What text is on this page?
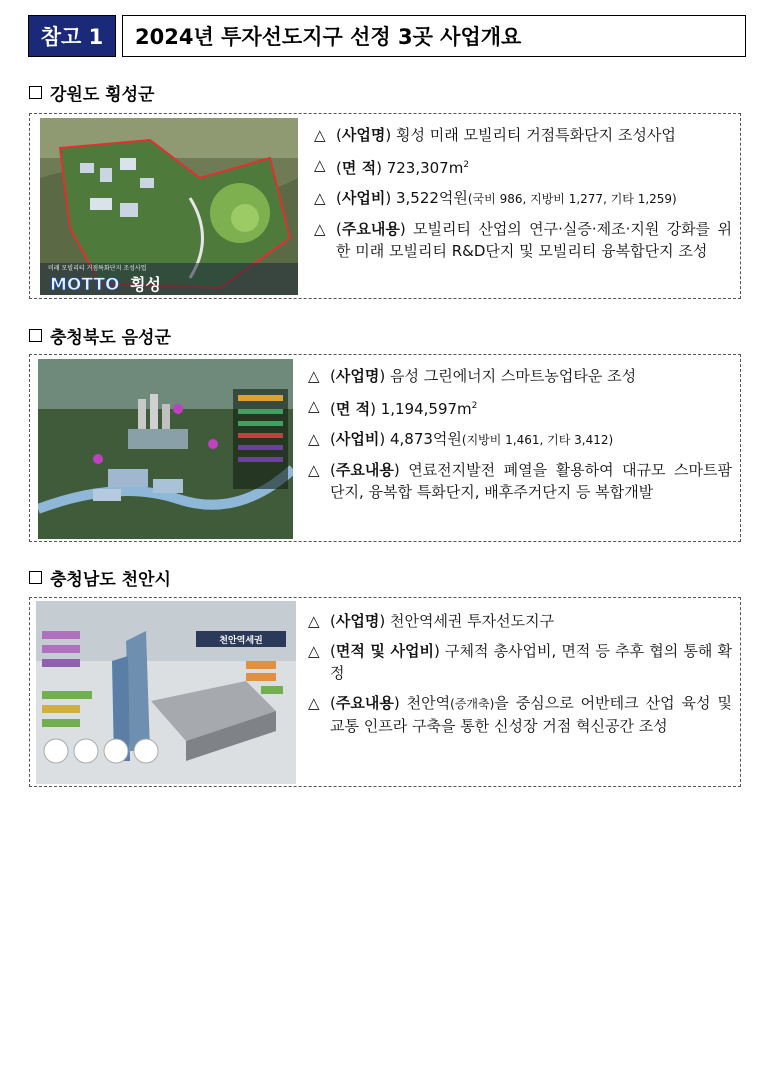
참고 1	2024년 투자선도지구 선정 3곳 사업개요
강원도 횡성군
미래 모빌리티 거점특화단지 조성사업
MOTTO 횡성
△ (사업명) 횡성 미래 모빌리티 거점특화단지 조성사업
△ (면 적) $723,307m^2$
△ (사업비) 3,522억원(국비 986, 지방비 1,277, 기타 1,259)
△ (주요내용) 모빌리티 산업의 연구·실증·제조·지원 강화를 위한 미래 모빌리티 R&D단지 및 모빌리티 융복합단지 조성
충청북도 음성군
△ (사업명) 음성 그린에너지 스마트농업타운 조성
△ (면 적) $1,194,597m^2$
△ (사업비) 4,873억원(지방비 1,461, 기타 3,412)
△ (주요내용) 연료전지발전 폐열을 활용하여 대규모 스마트팜 단지, 융복합 특화단지, 배후주거단지 등 복합개발
충청남도 천안시
천안역세권
△ (사업명) 천안역세권 투자선도지구
△ (면적 및 사업비) 구체적 총사업비, 면적 등 추후 협의 통해 확정
△ (주요내용) 천안역(증개축)을 중심으로 어반테크 산업 육성 및 교통 인프라 구축을 통한 신성장 거점 혁신공간 조성
